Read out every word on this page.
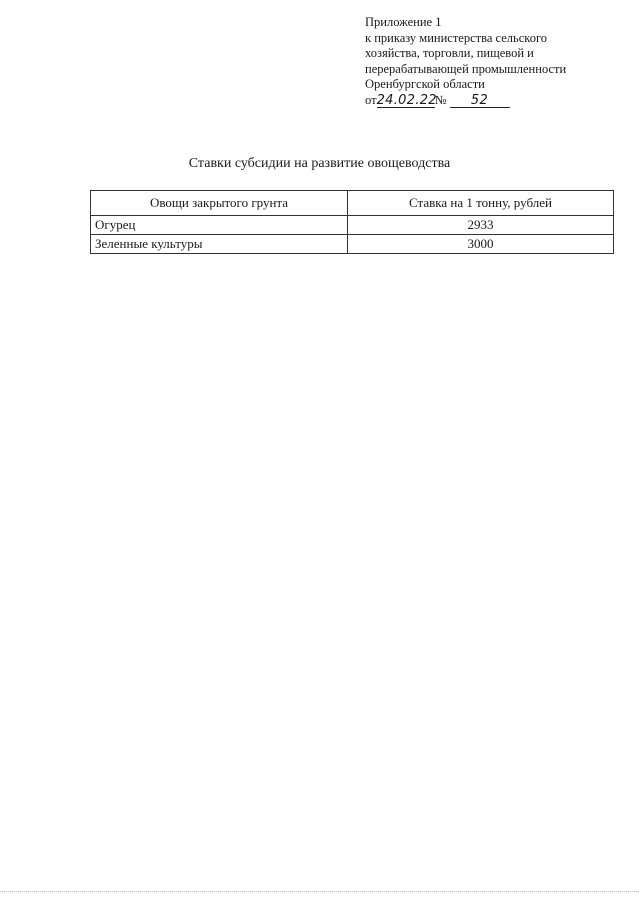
Приложение 1
к приказу министерства сельского
хозяйства, торговли, пищевой и
перерабатывающей промышленности
Оренбургской области
от24.02.22№ 52
Ставки субсидии на развитие овощеводства
Овощи закрытого грунта	Ставка на 1 тонну, рублей
Огурец	2933
Зеленные культуры	3000
